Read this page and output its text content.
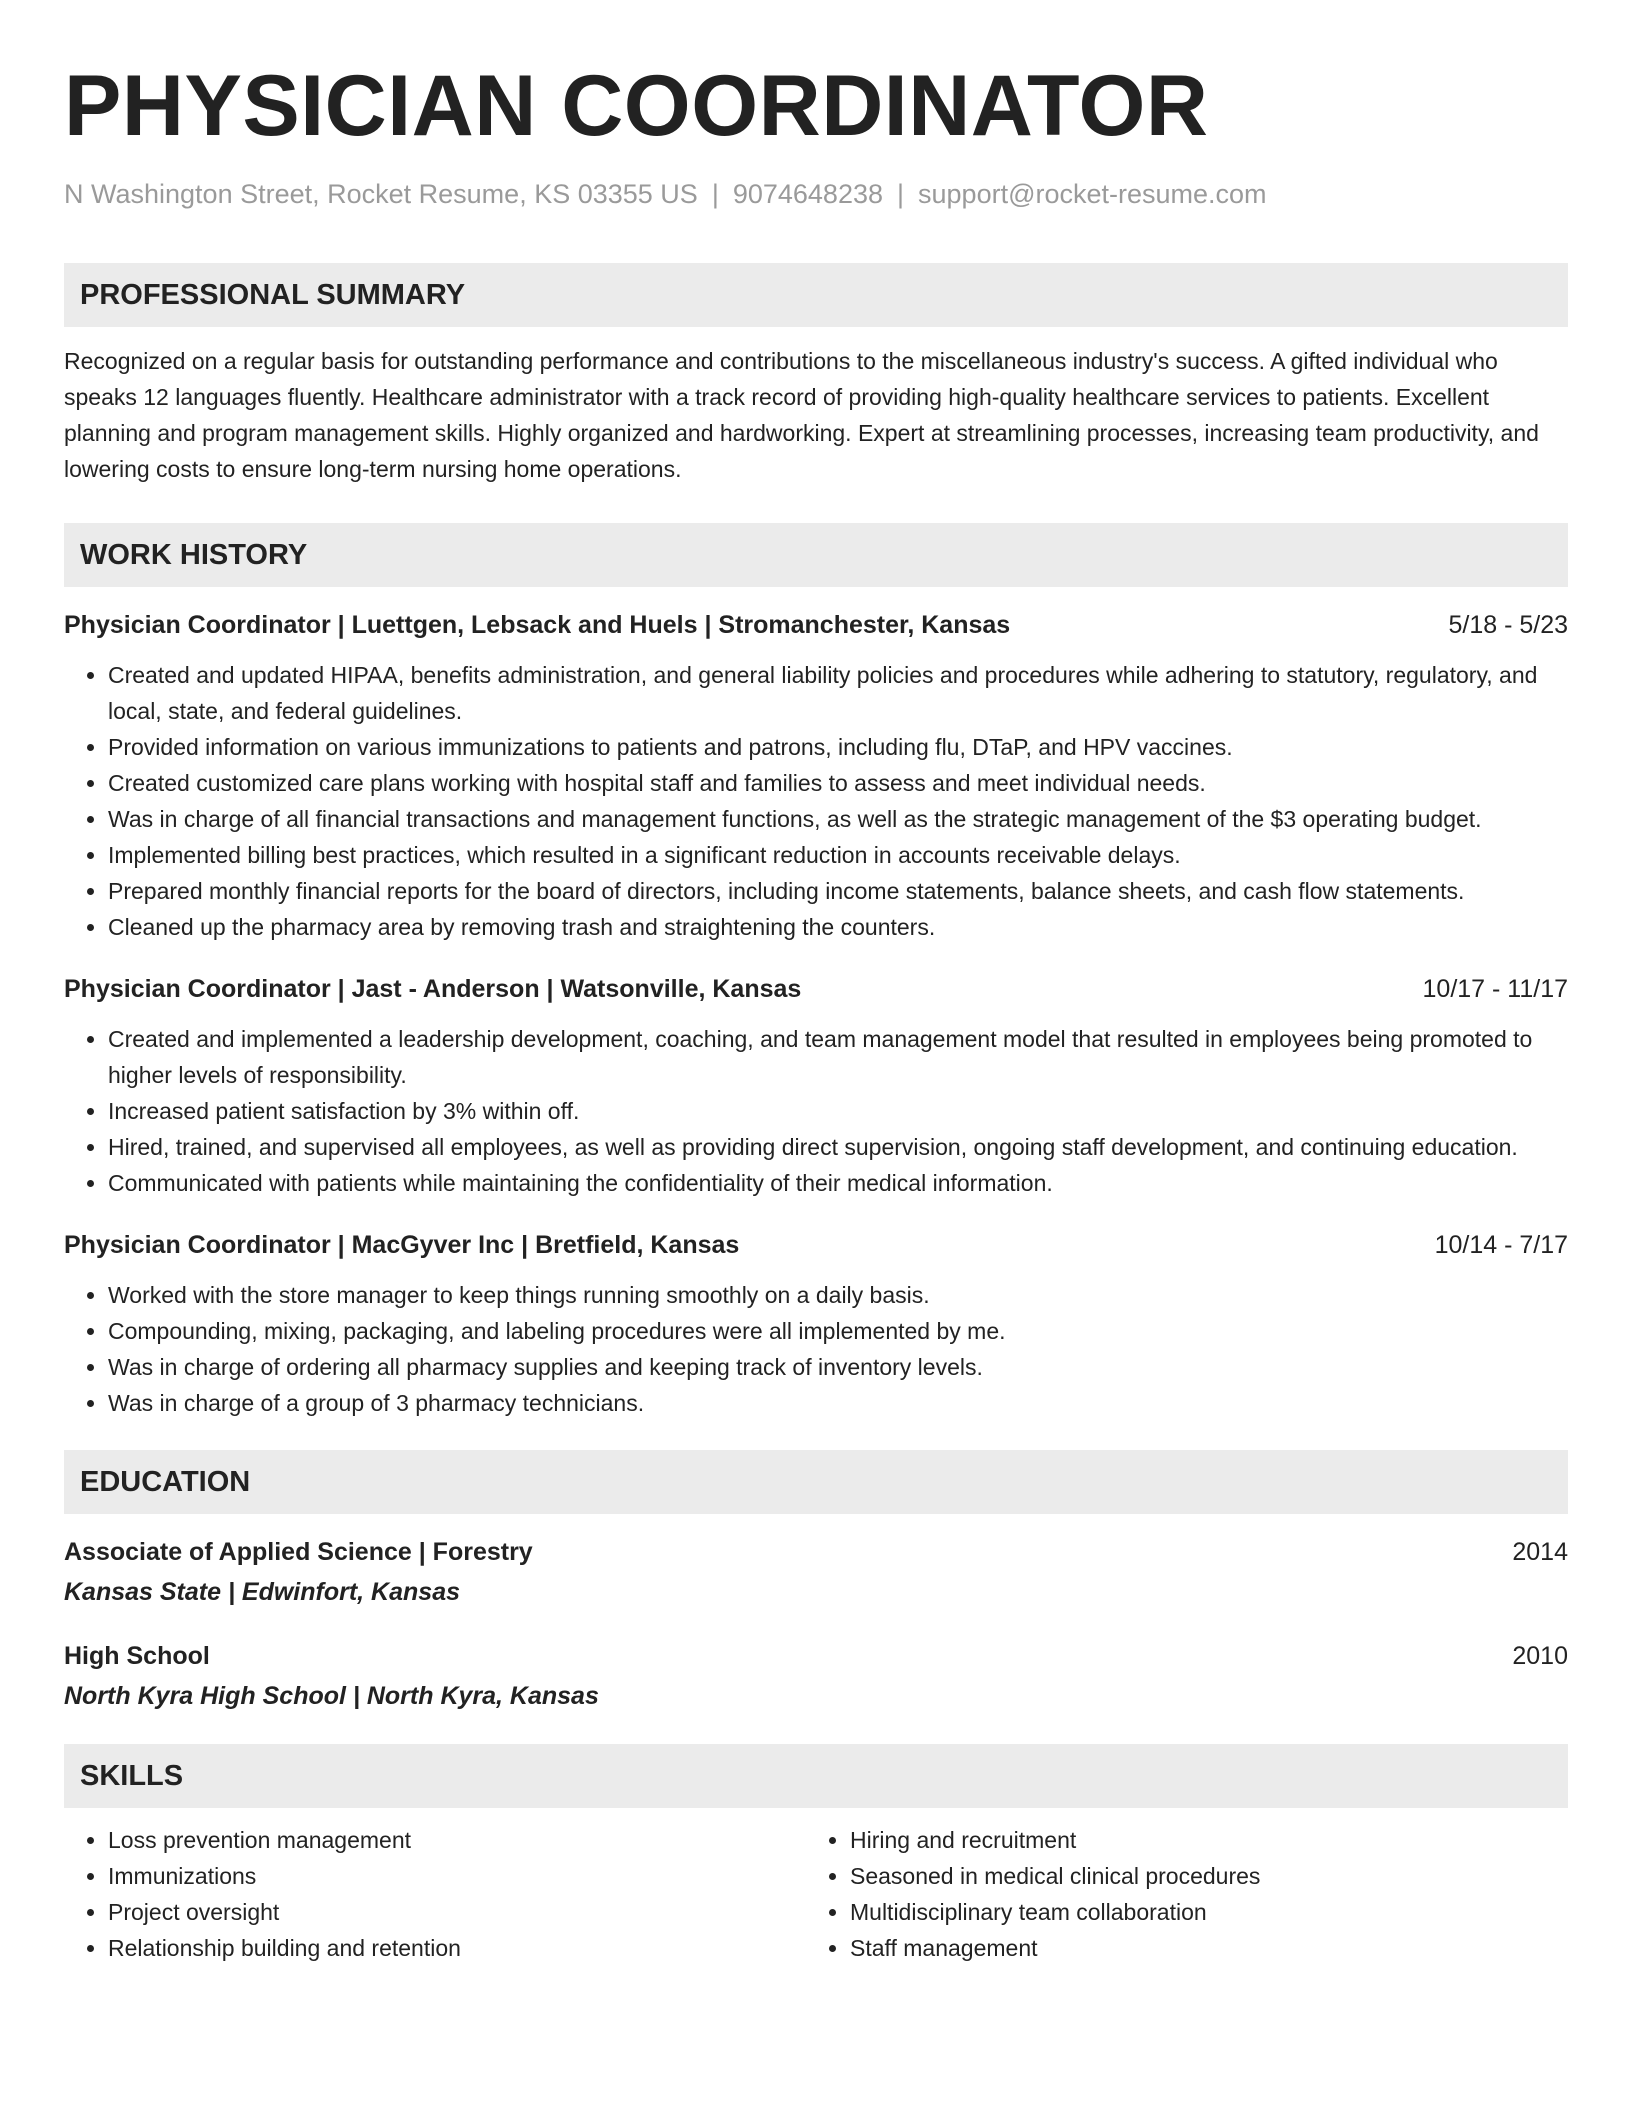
PHYSICIAN COORDINATOR
N Washington Street, Rocket Resume, KS 03355 US | 9074648238 | support@rocket-resume.com
PROFESSIONAL SUMMARY
Recognized on a regular basis for outstanding performance and contributions to the miscellaneous industry's success. A gifted individual who speaks 12 languages fluently. Healthcare administrator with a track record of providing high-quality healthcare services to patients. Excellent planning and program management skills. Highly organized and hardworking. Expert at streamlining processes, increasing team productivity, and lowering costs to ensure long-term nursing home operations.
WORK HISTORY
Physician Coordinator | Luettgen, Lebsack and Huels | Stromanchester, Kansas	5/18 - 5/23
• Created and updated HIPAA, benefits administration, and general liability policies and procedures while adhering to statutory, regulatory, and local, state, and federal guidelines.
• Provided information on various immunizations to patients and patrons, including flu, DTaP, and HPV vaccines.
• Created customized care plans working with hospital staff and families to assess and meet individual needs.
• Was in charge of all financial transactions and management functions, as well as the strategic management of the $3 operating budget.
• Implemented billing best practices, which resulted in a significant reduction in accounts receivable delays.
• Prepared monthly financial reports for the board of directors, including income statements, balance sheets, and cash flow statements.
• Cleaned up the pharmacy area by removing trash and straightening the counters.
Physician Coordinator | Jast - Anderson | Watsonville, Kansas	10/17 - 11/17
• Created and implemented a leadership development, coaching, and team management model that resulted in employees being promoted to higher levels of responsibility.
• Increased patient satisfaction by 3% within off.
• Hired, trained, and supervised all employees, as well as providing direct supervision, ongoing staff development, and continuing education.
• Communicated with patients while maintaining the confidentiality of their medical information.
Physician Coordinator | MacGyver Inc | Bretfield, Kansas	10/14 - 7/17
• Worked with the store manager to keep things running smoothly on a daily basis.
• Compounding, mixing, packaging, and labeling procedures were all implemented by me.
• Was in charge of ordering all pharmacy supplies and keeping track of inventory levels.
• Was in charge of a group of 3 pharmacy technicians.
EDUCATION
Associate of Applied Science | Forestry	2014
Kansas State | Edwinfort, Kansas
High School	2010
North Kyra High School | North Kyra, Kansas
SKILLS
• Loss prevention management
• Immunizations
• Project oversight
• Relationship building and retention
• Hiring and recruitment
• Seasoned in medical clinical procedures
• Multidisciplinary team collaboration
• Staff management
